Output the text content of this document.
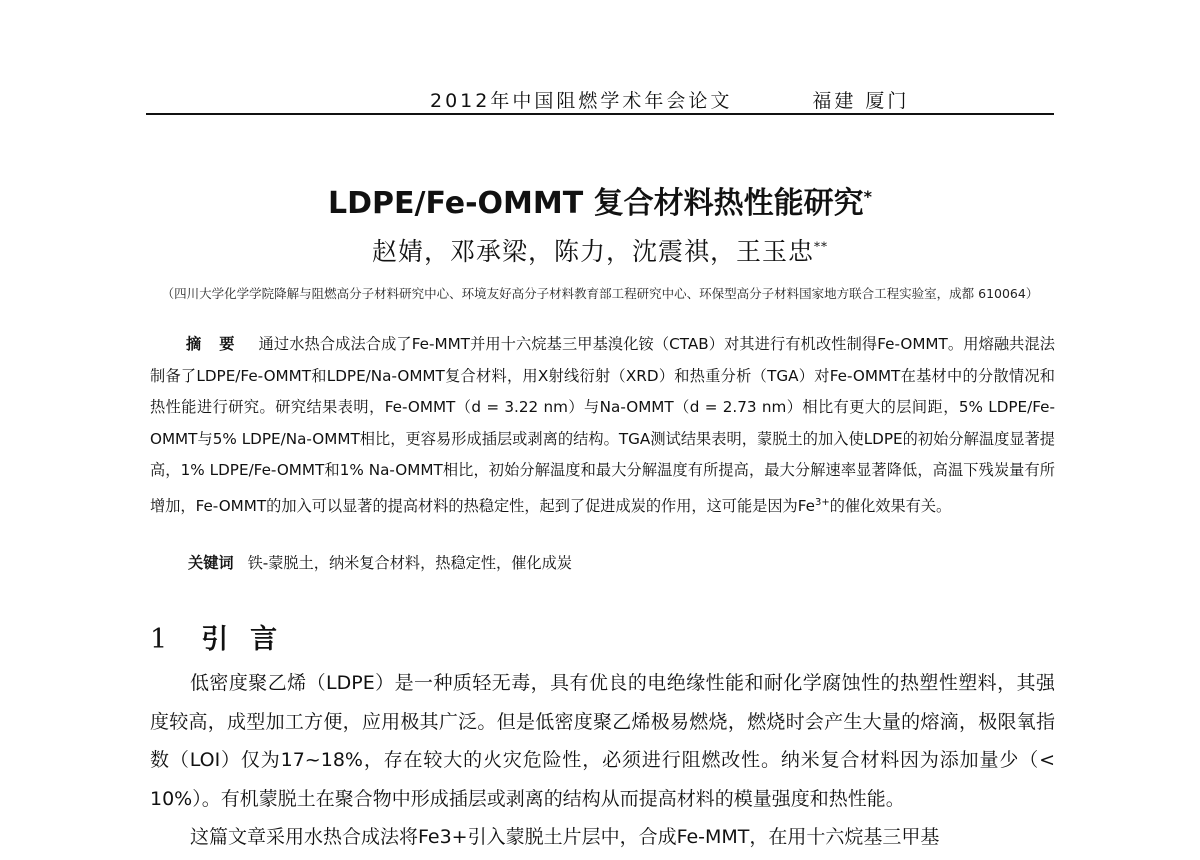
2012年中国阻燃学术年会论文	福建 厦门
LDPE/Fe-OMMT 复合材料热性能研究*
赵婧，邓承梁，陈力，沈震祺，王玉忠**
（四川大学化学学院降解与阻燃高分子材料研究中心、环境友好高分子材料教育部工程研究中心、环保型高分子材料国家地方联合工程实验室，成都 610064）
摘要 通过水热合成法合成了Fe-MMT并用十六烷基三甲基溴化铵（CTAB）对其进行有机改性制得Fe-OMMT。用熔融共混法制备了LDPE/Fe-OMMT和LDPE/Na-OMMT复合材料，用X射线衍射（XRD）和热重分析（TGA）对Fe-OMMT在基材中的分散情况和热性能进行研究。研究结果表明，Fe-OMMT（d = 3.22 nm）与Na-OMMT（d = 2.73 nm）相比有更大的层间距，5% LDPE/Fe-OMMT与5% LDPE/Na-OMMT相比，更容易形成插层或剥离的结构。TGA测试结果表明，蒙脱土的加入使LDPE的初始分解温度显著提高，1% LDPE/Fe-OMMT和1% Na-OMMT相比，初始分解温度和最大分解温度有所提高，最大分解速率显著降低，高温下残炭量有所增加，Fe-OMMT的加入可以显著的提高材料的热稳定性，起到了促进成炭的作用，这可能是因为$Fe^{3+}$的催化效果有关。
关键词 铁-蒙脱土，纳米复合材料，热稳定性，催化成炭
1 引言

低密度聚乙烯（LDPE）是一种质轻无毒，具有优良的电绝缘性能和耐化学腐蚀性的热塑性塑料，其强度较高，成型加工方便，应用极其广泛。但是低密度聚乙烯极易燃烧，燃烧时会产生大量的熔滴，极限氧指数（LOI）仅为17~18%，存在较大的火灾危险性，必须进行阻燃改性。纳米复合材料因为添加量少（< 10%）。有机蒙脱土在聚合物中形成插层或剥离的结构从而提高材料的模量强度和热性能。

这篇文章采用水热合成法将Fe3+引入蒙脱土片层中，合成Fe-MMT，在用十六烷基三甲基
